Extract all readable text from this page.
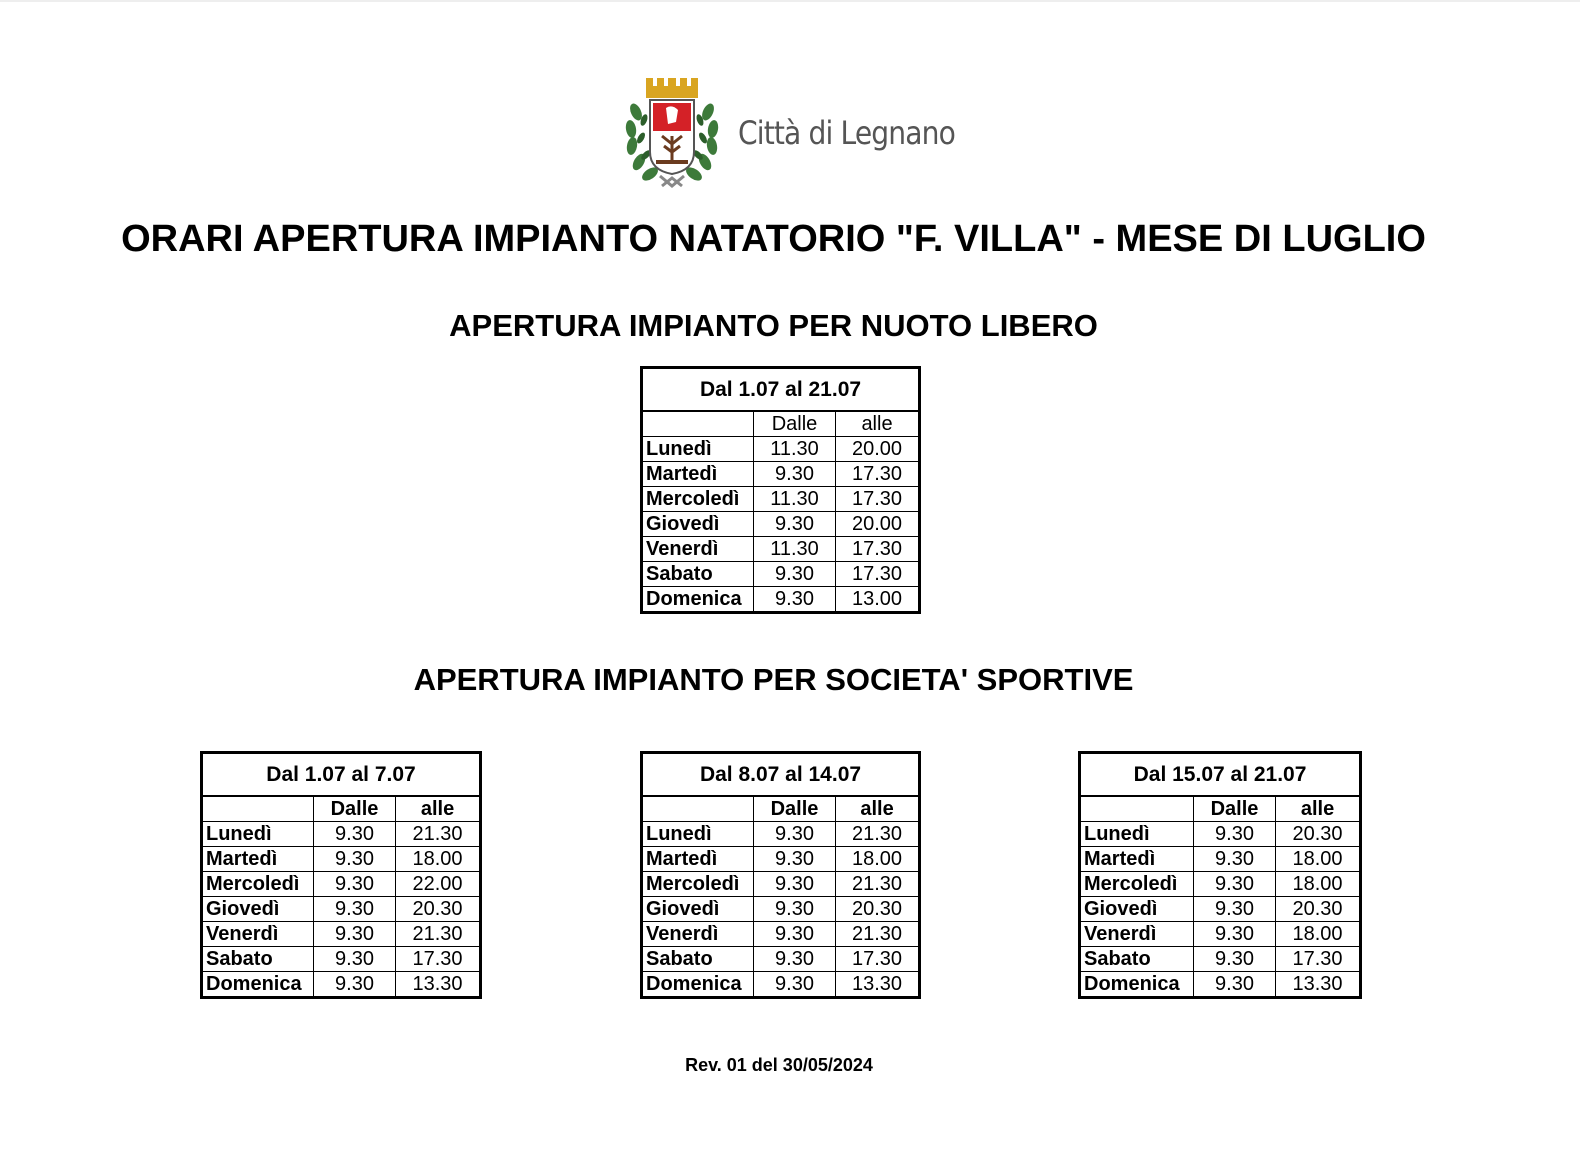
Città di Legnano
ORARI APERTURA IMPIANTO NATATORIO "F. VILLA" - MESE DI LUGLIO
APERTURA IMPIANTO PER NUOTO LIBERO
Dal 1.07 al 21.07		
	Dalle	alle
Lunedì	11.30	20.00
Martedì	9.30	17.30
Mercoledì	11.30	17.30
Giovedì	9.30	20.00
Venerdì	11.30	17.30
Sabato	9.30	17.30
Domenica	9.30	13.00
APERTURA IMPIANTO PER SOCIETA' SPORTIVE
Dal 1.07 al 7.07		
	Dalle	alle
Lunedì	9.30	21.30
Martedì	9.30	18.00
Mercoledì	9.30	22.00
Giovedì	9.30	20.30
Venerdì	9.30	21.30
Sabato	9.30	17.30
Domenica	9.30	13.30
Dal 8.07 al 14.07		
	Dalle	alle
Lunedì	9.30	21.30
Martedì	9.30	18.00
Mercoledì	9.30	21.30
Giovedì	9.30	20.30
Venerdì	9.30	21.30
Sabato	9.30	17.30
Domenica	9.30	13.30
Dal 15.07 al 21.07		
	Dalle	alle
Lunedì	9.30	20.30
Martedì	9.30	18.00
Mercoledì	9.30	18.00
Giovedì	9.30	20.30
Venerdì	9.30	18.00
Sabato	9.30	17.30
Domenica	9.30	13.30
Rev. 01 del 30/05/2024
